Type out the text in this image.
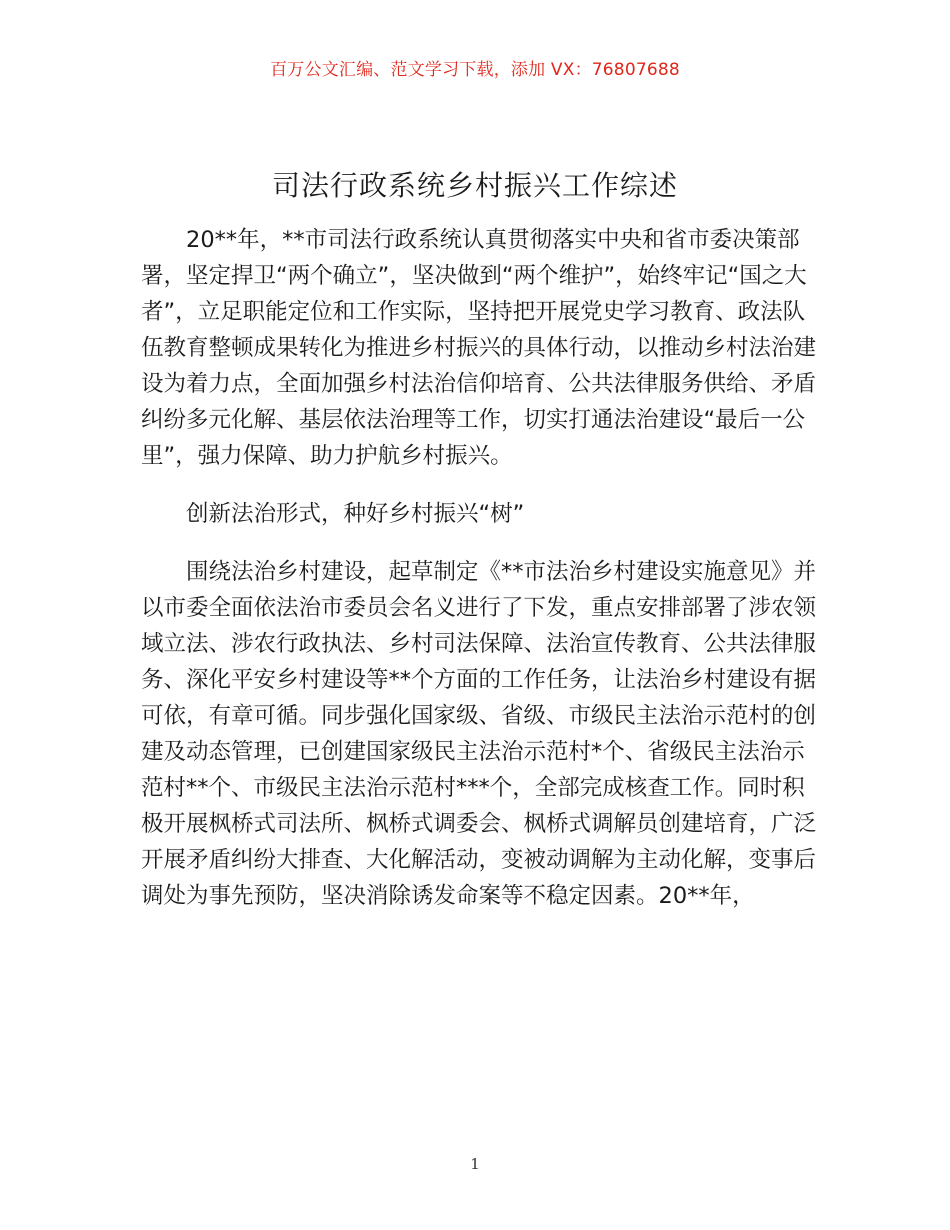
百万公文汇编、范文学习下载，添加 VX：76807688
司法行政系统乡村振兴工作综述

20**年，**市司法行政系统认真贯彻落实中央和省市委决策部署，坚定捍卫“两个确立”，坚决做到“两个维护”，始终牢记“国之大者”，立足职能定位和工作实际，坚持把开展党史学习教育、政法队伍教育整顿成果转化为推进乡村振兴的具体行动，以推动乡村法治建设为着力点，全面加强乡村法治信仰培育、公共法律服务供给、矛盾纠纷多元化解、基层依法治理等工作，切实打通法治建设“最后一公里”，强力保障、助力护航乡村振兴。

创新法治形式，种好乡村振兴“树”

围绕法治乡村建设，起草制定《**市法治乡村建设实施意见》并以市委全面依法治市委员会名义进行了下发，重点安排部署了涉农领域立法、涉农行政执法、乡村司法保障、法治宣传教育、公共法律服务、深化平安乡村建设等**个方面的工作任务，让法治乡村建设有据可依，有章可循。同步强化国家级、省级、市级民主法治示范村的创建及动态管理，已创建国家级民主法治示范村*个、省级民主法治示范村**个、市级民主法治示范村***个，全部完成核查工作。同时积极开展枫桥式司法所、枫桥式调委会、枫桥式调解员创建培育，广泛开展矛盾纠纷大排查、大化解活动，变被动调解为主动化解，变事后调处为事先预防，坚决消除诱发命案等不稳定因素。20**年，

1
